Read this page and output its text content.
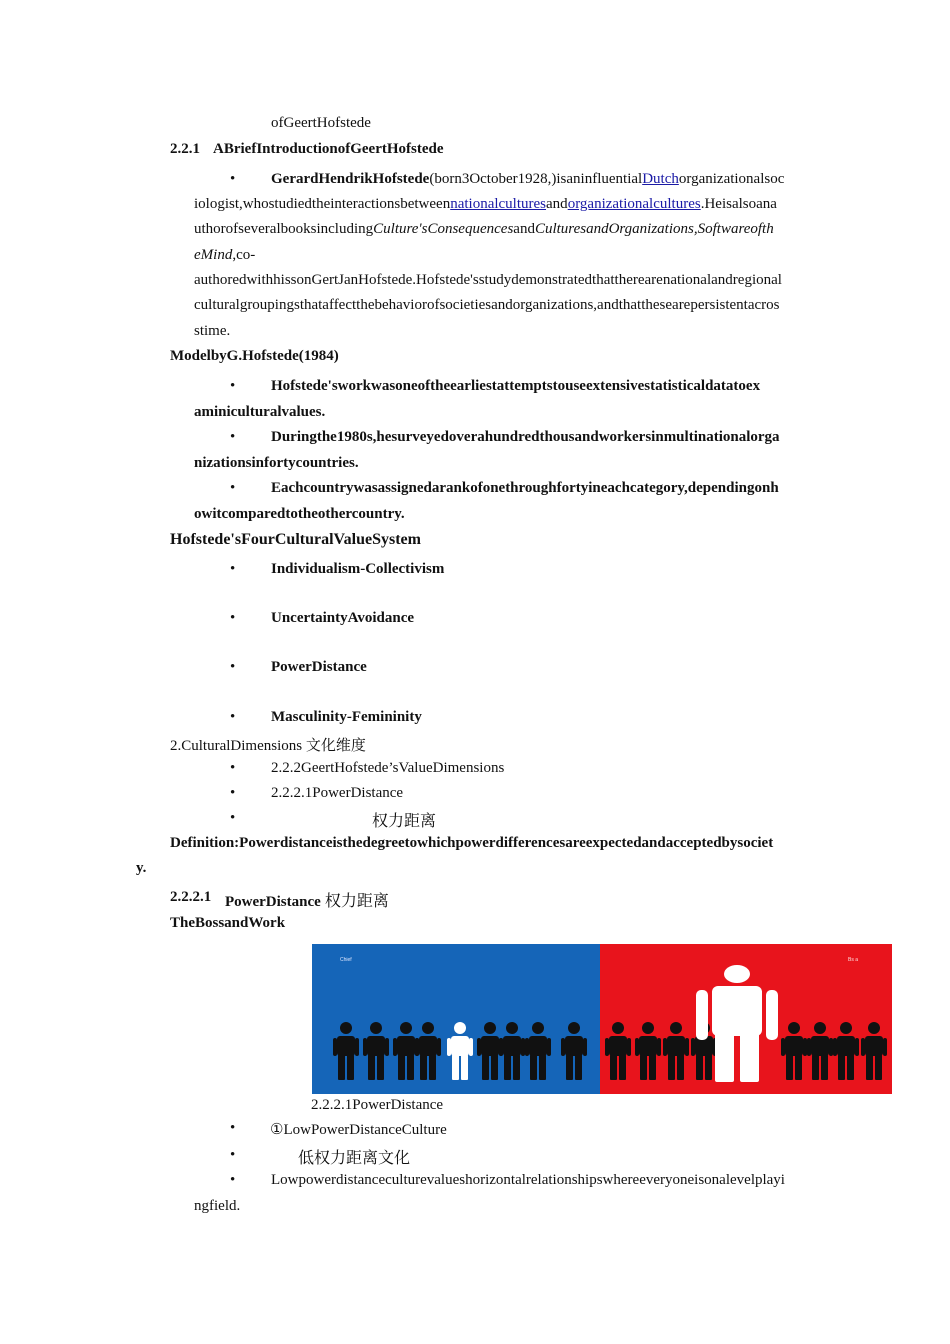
ofGeertHofstede
2.2.1 ABriefIntroductionofGeertHofstede
• GerardHendrikHofstede(born3October1928,)isaninfluentialDutchorganizationalsoc
iologist,whostudiedtheinteractionsbetweennationalculturesandorganizationalcultures.Heisalsoana
uthorofseveralbooksincludingCulture'sConsequencesandCulturesandOrganizations,Softwareofth
eMind,co-
authoredwithhissonGertJanHofstede.Hofstede'sstudydemonstratedthattherearenationalandregional
culturalgroupingsthataffectthebehaviorofsocietiesandorganizations,andthatthesearepersistentacros
stime.
ModelbyG.Hofstede(1984)
• Hofstede'sworkwasoneoftheearliestattemptstouseextensivestatisticaldatatoex
aminiculturalvalues.
• Duringthe1980s,hesurveyedoverahundredthousandworkersinmultinationalorga
nizationsinfortycountries.
• Eachcountrywasassignedarankofonethroughfortyineachcategory,dependingonh
owitcomparedtotheothercountry.
Hofstede'sFourCulturalValueSystem
• Individualism-Collectivism
• UncertaintyAvoidance
• PowerDistance
• Masculinity-Femininity
2.CulturalDimensions 文化维度
• 2.2.2GeertHofstede’sValueDimensions
• 2.2.2.1PowerDistance
•	权力距离
Definition:Powerdistanceisthedegreetowhichpowerdifferencesareexpectedandacceptedbysociet
y.
2.2.2.1 PowerDistance 权力距离
TheBossandWork
Chief	Bs a
2.2.2.1PowerDistance
• ①LowPowerDistanceCulture
•	低权力距离文化
• Lowpowerdistanceculturevalueshorizontalrelationshipswhereeveryoneisonalevelplayi
ngfield.
